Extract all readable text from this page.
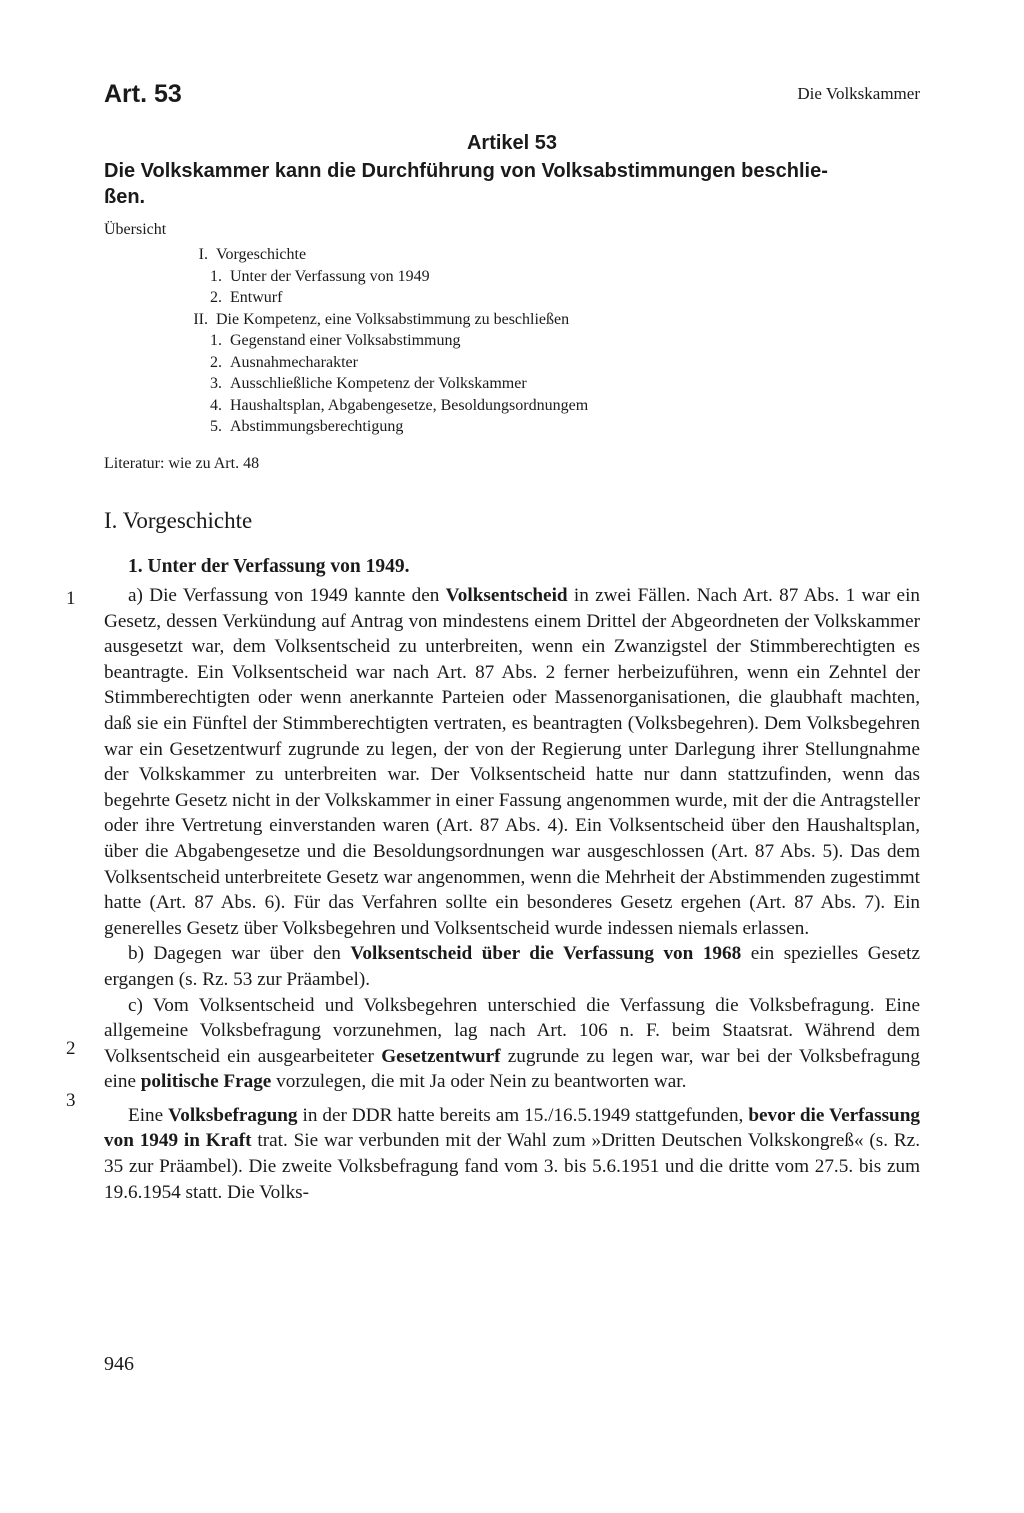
Art. 53	Die Volkskammer
Artikel 53
Die Volkskammer kann die Durchführung von Volksabstimmungen beschlie-
ßen.
Übersicht
I. Vorgeschichte
1. Unter der Verfassung von 1949
2. Entwurf
II. Die Kompetenz, eine Volksabstimmung zu beschließen
1. Gegenstand einer Volksabstimmung
2. Ausnahmecharakter
3. Ausschließliche Kompetenz der Volkskammer
4. Haushaltsplan, Abgabengesetze, Besoldungsordnungem
5. Abstimmungsberechtigung
Literatur: wie zu Art. 48
I. Vorgeschichte
1. Unter der Verfassung von 1949.
1
2
3

a) Die Verfassung von 1949 kannte den Volksentscheid in zwei Fällen. Nach Art. 87 Abs. 1 war ein Gesetz, dessen Verkündung auf Antrag von mindestens einem Drittel der Abgeordneten der Volkskammer ausgesetzt war, dem Volksentscheid zu unterbreiten, wenn ein Zwanzigstel der Stimmberechtigten es beantragte. Ein Volksentscheid war nach Art. 87 Abs. 2 ferner herbeizuführen, wenn ein Zehntel der Stimmberechtigten oder wenn anerkannte Parteien oder Massenorganisationen, die glaubhaft machten, daß sie ein Fünftel der Stimmberechtigten vertraten, es beantragten (Volksbegehren). Dem Volksbegehren war ein Gesetzentwurf zugrunde zu legen, der von der Regierung unter Darlegung ihrer Stellungnahme der Volkskammer zu unterbreiten war. Der Volksentscheid hatte nur dann stattzufinden, wenn das begehrte Gesetz nicht in der Volkskammer in einer Fassung angenommen wurde, mit der die Antragsteller oder ihre Vertretung einverstanden waren (Art. 87 Abs. 4). Ein Volksentscheid über den Haushaltsplan, über die Abgabengesetze und die Besoldungsordnungen war ausgeschlossen (Art. 87 Abs. 5). Das dem Volksentscheid unterbreitete Gesetz war angenommen, wenn die Mehrheit der Abstimmenden zugestimmt hatte (Art. 87 Abs. 6). Für das Verfahren sollte ein besonderes Gesetz ergehen (Art. 87 Abs. 7). Ein generelles Gesetz über Volksbegehren und Volksentscheid wurde indessen niemals erlassen.

b) Dagegen war über den Volksentscheid über die Verfassung von 1968 ein spezielles Gesetz ergangen (s. Rz. 53 zur Präambel).

c) Vom Volksentscheid und Volksbegehren unterschied die Verfassung die Volksbefragung. Eine allgemeine Volksbefragung vorzunehmen, lag nach Art. 106 n. F. beim Staatsrat. Während dem Volksentscheid ein ausgearbeiteter Gesetzentwurf zugrunde zu legen war, war bei der Volksbefragung eine politische Frage vorzulegen, die mit Ja oder Nein zu beantworten war.

Eine Volksbefragung in der DDR hatte bereits am 15./16.5.1949 stattgefunden, bevor die Verfassung von 1949 in Kraft trat. Sie war verbunden mit der Wahl zum »Dritten Deutschen Volkskongreß« (s. Rz. 35 zur Präambel). Die zweite Volksbefragung fand vom 3. bis 5.6.1951 und die dritte vom 27.5. bis zum 19.6.1954 statt. Die Volks-

946
